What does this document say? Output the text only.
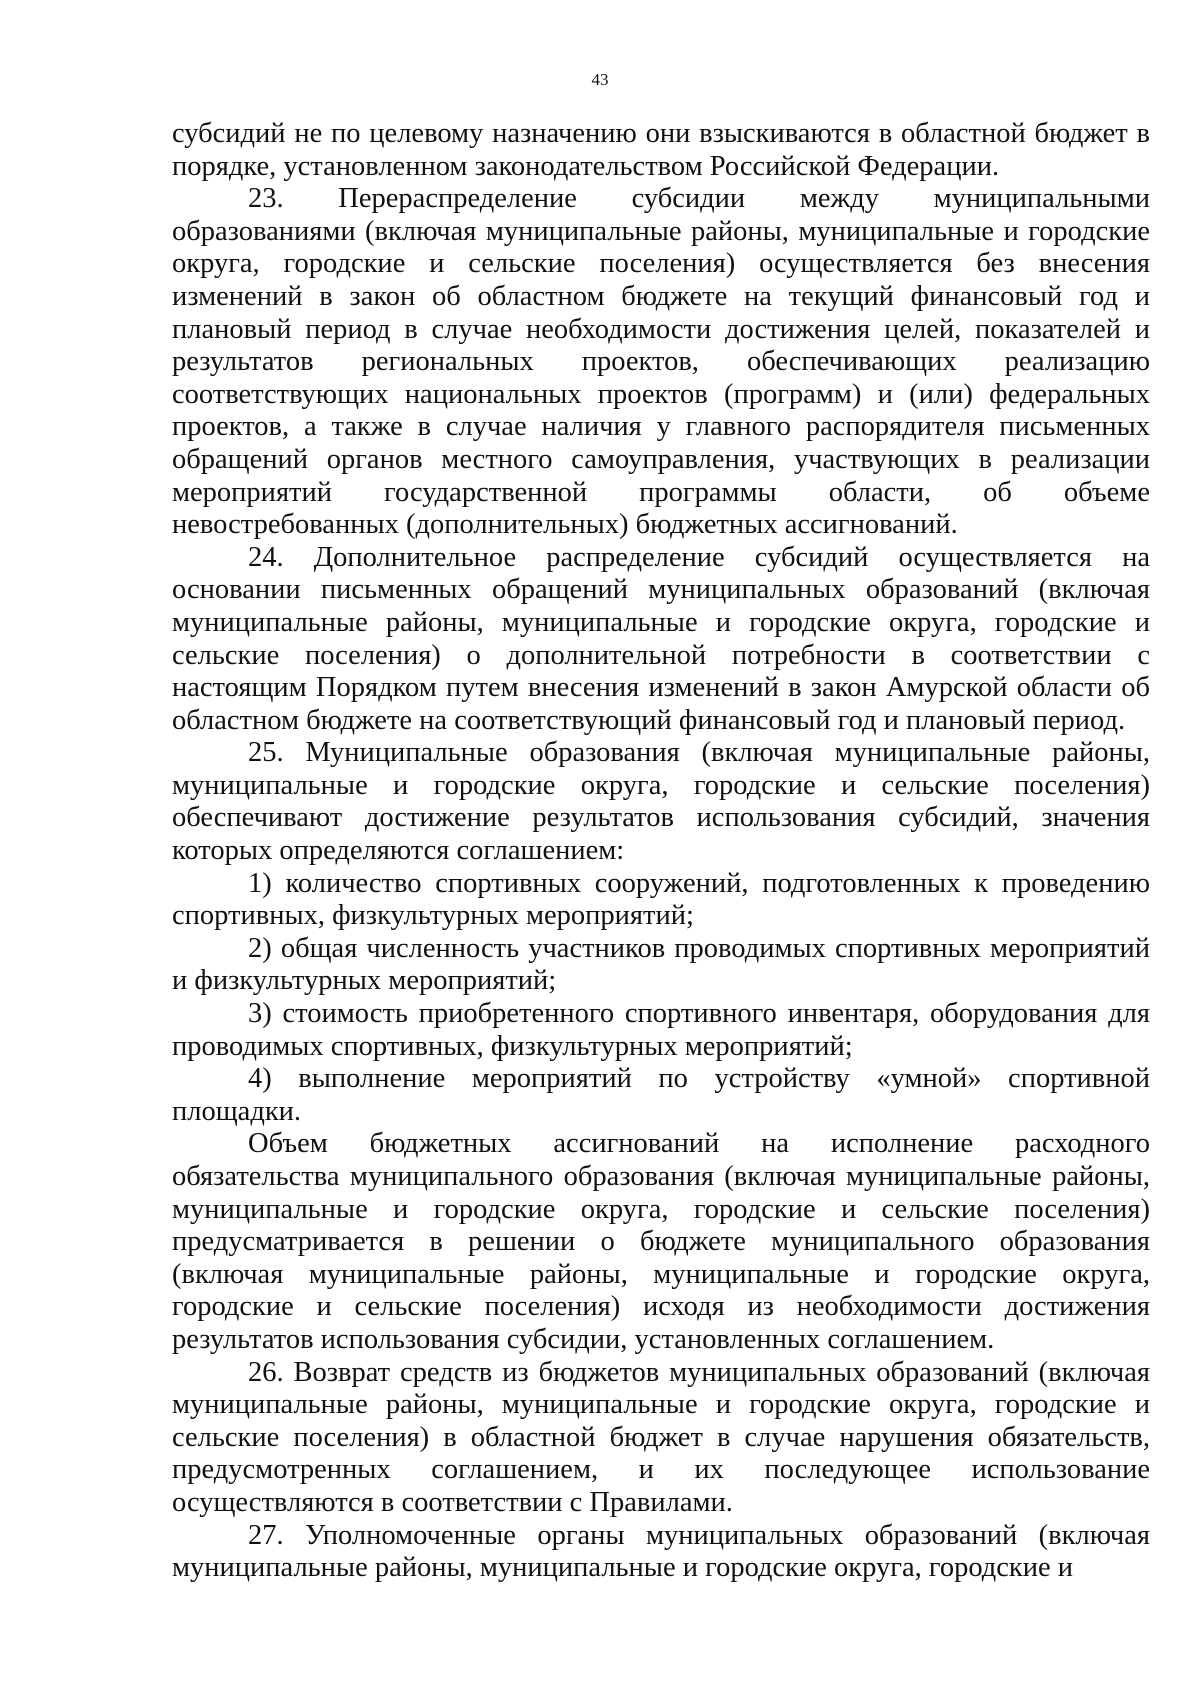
43

субсидий не по целевому назначению они взыскиваются в областной бюджет в порядке, установленном законодательством Российской Федерации.

23. Перераспределение субсидии между муниципальными образованиями (включая муниципальные районы, муниципальные и городские округа, городские и сельские поселения) осуществляется без внесения изменений в закон об областном бюджете на текущий финансовый год и плановый период в случае необходимости достижения целей, показателей и результатов региональных проектов, обеспечивающих реализацию соответствующих национальных проектов (программ) и (или) федеральных проектов, а также в случае наличия у главного распорядителя письменных обращений органов местного самоуправления, участвующих в реализации мероприятий государственной программы области, об объеме невостребованных (дополнительных) бюджетных ассигнований.

24. Дополнительное распределение субсидий осуществляется на основании письменных обращений муниципальных образований (включая муниципальные районы, муниципальные и городские округа, городские и сельские поселения) о дополнительной потребности в соответствии с настоящим Порядком путем внесения изменений в закон Амурской области об областном бюджете на соответствующий финансовый год и плановый период.

25. Муниципальные образования (включая муниципальные районы, муниципальные и городские округа, городские и сельские поселения) обеспечивают достижение результатов использования субсидий, значения которых определяются соглашением:

1) количество спортивных сооружений, подготовленных к проведению спортивных, физкультурных мероприятий;

2) общая численность участников проводимых спортивных мероприятий и физкультурных мероприятий;

3) стоимость приобретенного спортивного инвентаря, оборудования для проводимых спортивных, физкультурных мероприятий;

4) выполнение мероприятий по устройству «умной» спортивной площадки.

Объем бюджетных ассигнований на исполнение расходного обязательства муниципального образования (включая муниципальные районы, муниципальные и городские округа, городские и сельские поселения) предусматривается в решении о бюджете муниципального образования (включая муниципальные районы, муниципальные и городские округа, городские и сельские поселения) исходя из необходимости достижения результатов использования субсидии, установленных соглашением.

26. Возврат средств из бюджетов муниципальных образований (включая муниципальные районы, муниципальные и городские округа, городские и сельские поселения) в областной бюджет в случае нарушения обязательств, предусмотренных соглашением, и их последующее использование осуществляются в соответствии с Правилами.

27. Уполномоченные органы муниципальных образований (включая муниципальные районы, муниципальные и городские округа, городские и
